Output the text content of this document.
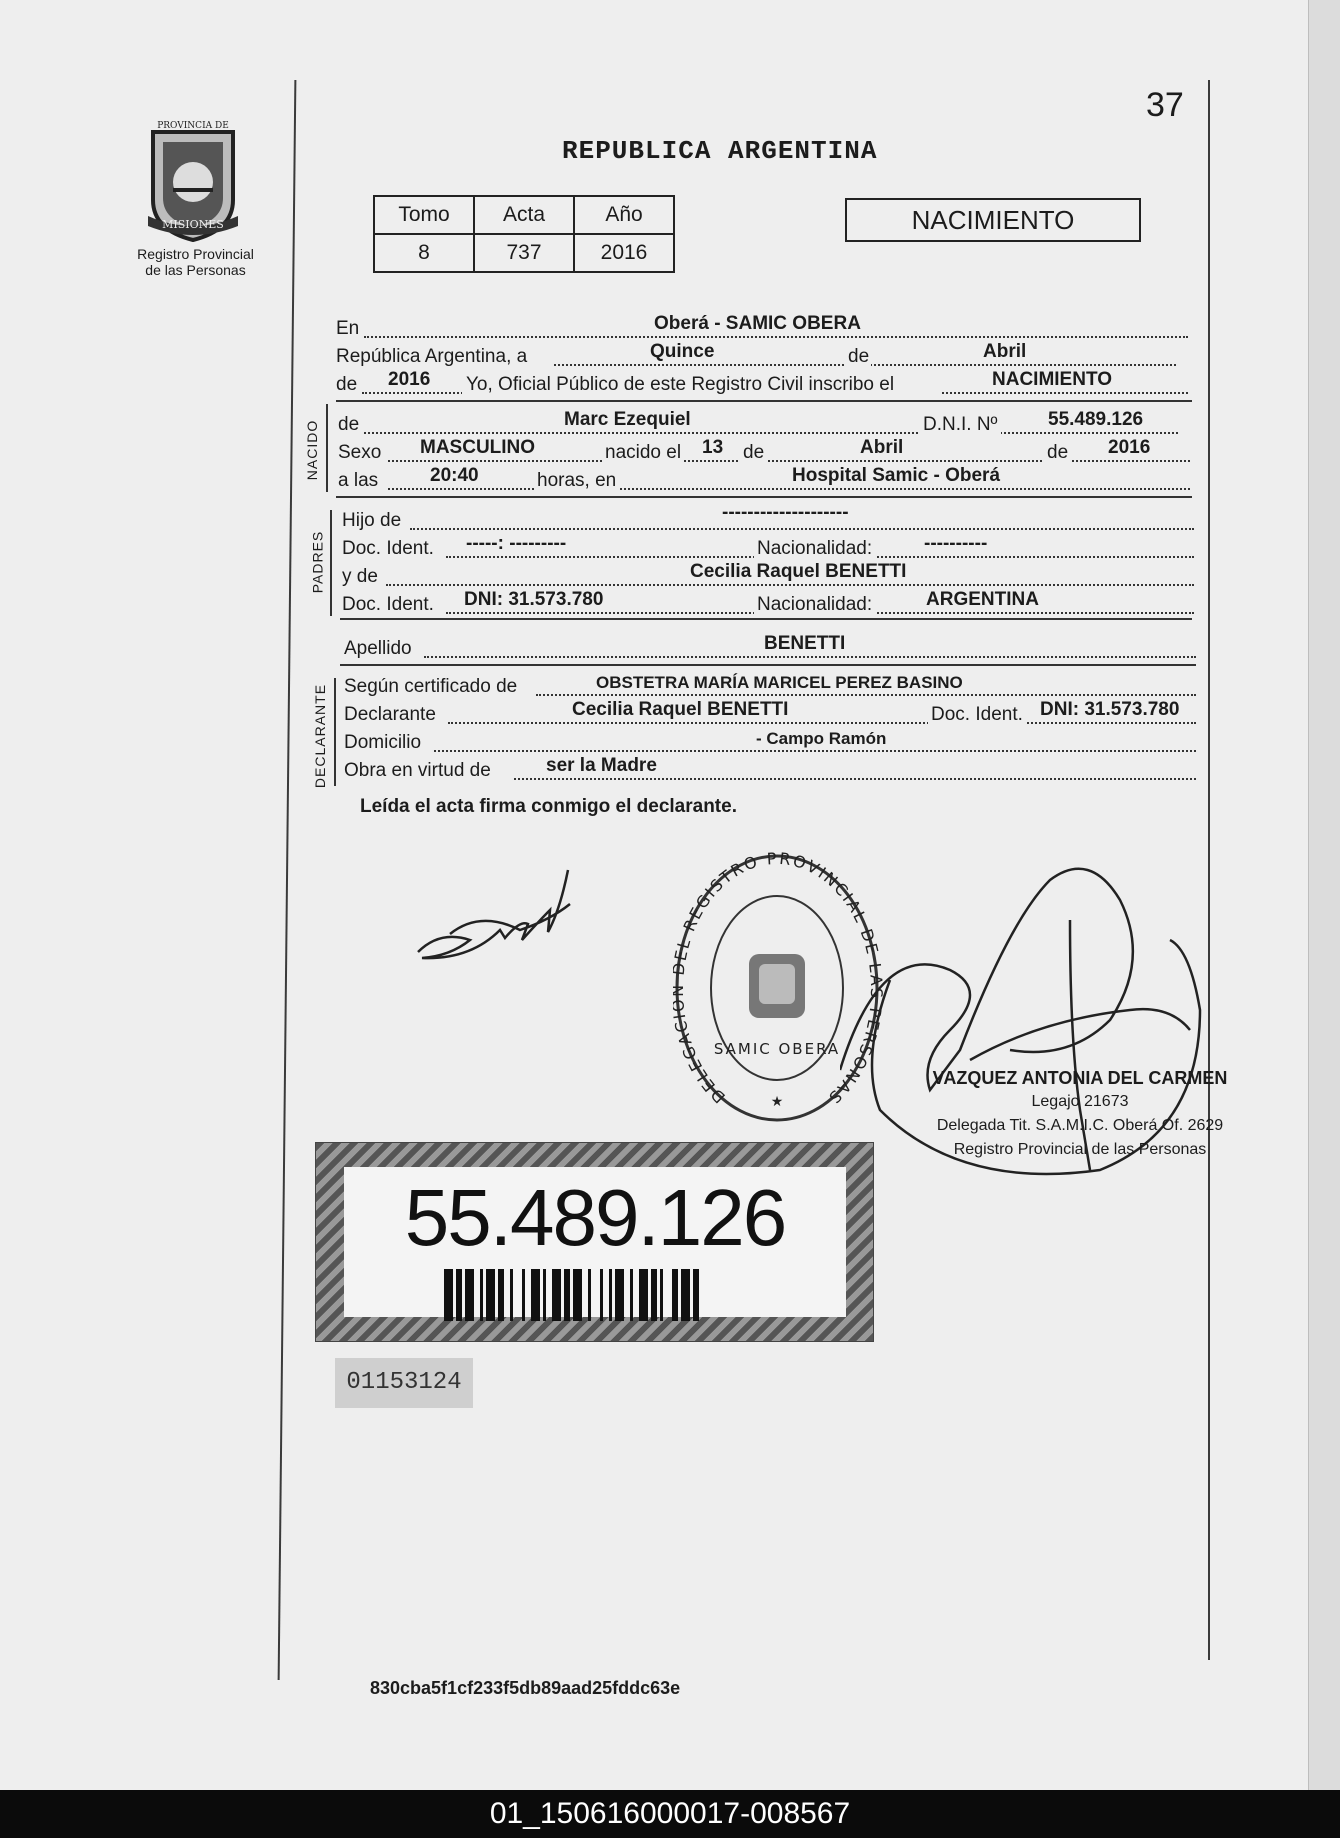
37
PROVINCIA DE
MISIONES
Registro Provincial
de las Personas
REPUBLICA ARGENTINA
Tomo	Acta	Año
8	737	2016
NACIMIENTO
En	Oberá - SAMIC OBERA
República Argentina, a	Quince	de	Abril
de 2016 Yo, Oficial Público de este Registro Civil inscribo el	NACIMIENTO
NACIDO de	Marc Ezequiel	D.N.I. Nº	55.489.126
Sexo MASCULINO	nacido el 13 de	Abril	de 2016
a las	20:40	horas, en	Hospital Samic - Oberá
PADRES
Hijo de	--------------------
Doc. Ident. -----: ---------	Nacionalidad:	----------
y de	Cecilia Raquel BENETTI
Doc. Ident. DNI: 31.573.780	Nacionalidad:	ARGENTINA
Apellido	BENETTI
DECLARANTE Según certificado de	OBSTETRA MARÍA MARICEL PEREZ BASINO
Declarante	Cecilia Raquel BENETTI	Doc. Ident. DNI: 31.573.780
Domicilio	- Campo Ramón
Obra en virtud de	ser la Madre
Leída el acta firma conmigo el declarante.
DELEGA L REGISTRO PROVINCIAL DE LAS PERSONAS
SAMIC OBERA
★
VAZQUEZ ANTONIA DEL CARMEN
Legajo 21673
Delegada Tit. S.A.M.I.C. Oberá Of. 2629
Registro Provincial de las Personas
55.489.126
01153124
830cba5f1cf233f5db89aad25fddc63e
01_150616000017-008567
